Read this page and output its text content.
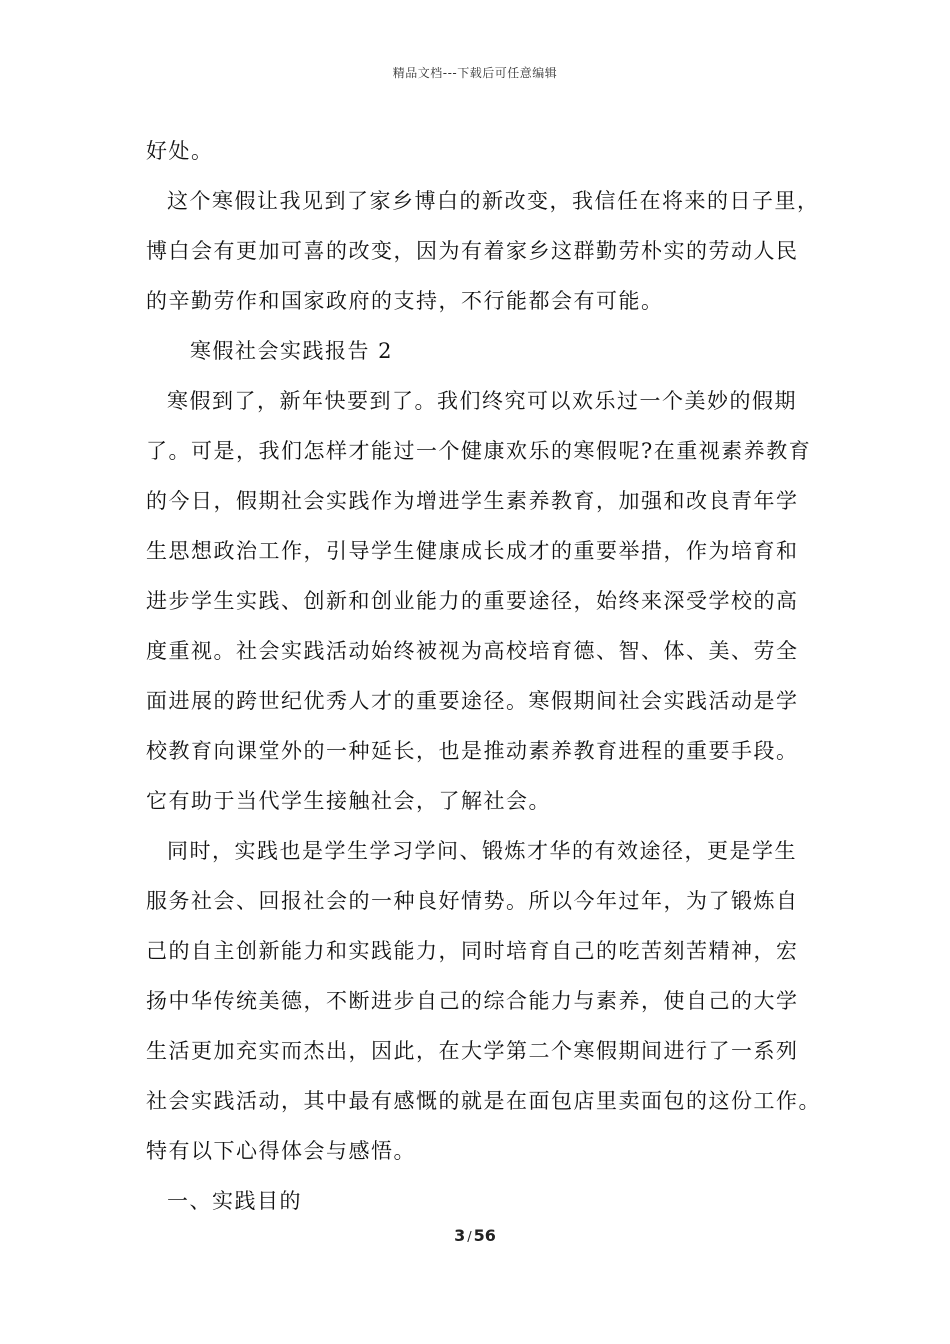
精品文档---下载后可任意编辑
好处。
这个寒假让我见到了家乡博白的新改变，我信任在将来的日子里，
博白会有更加可喜的改变，因为有着家乡这群勤劳朴实的劳动人民
的辛勤劳作和国家政府的支持，不行能都会有可能。
寒假社会实践报告 2
寒假到了，新年快要到了。我们终究可以欢乐过一个美妙的假期
了。可是，我们怎样才能过一个健康欢乐的寒假呢?在重视素养教育
的今日，假期社会实践作为增进学生素养教育，加强和改良青年学
生思想政治工作，引导学生健康成长成才的重要举措，作为培育和
进步学生实践、创新和创业能力的重要途径，始终来深受学校的高
度重视。社会实践活动始终被视为高校培育德、智、体、美、劳全
面进展的跨世纪优秀人才的重要途径。寒假期间社会实践活动是学
校教育向课堂外的一种延长，也是推动素养教育进程的重要手段。
它有助于当代学生接触社会，了解社会。
同时，实践也是学生学习学问、锻炼才华的有效途径，更是学生
服务社会、回报社会的一种良好情势。所以今年过年，为了锻炼自
己的自主创新能力和实践能力，同时培育自己的吃苦刻苦精神，宏
扬中华传统美德，不断进步自己的综合能力与素养，使自己的大学
生活更加充实而杰出，因此，在大学第二个寒假期间进行了一系列
社会实践活动，其中最有感慨的就是在面包店里卖面包的这份工作。
特有以下心得体会与感悟。
一、实践目的
3 / 56
